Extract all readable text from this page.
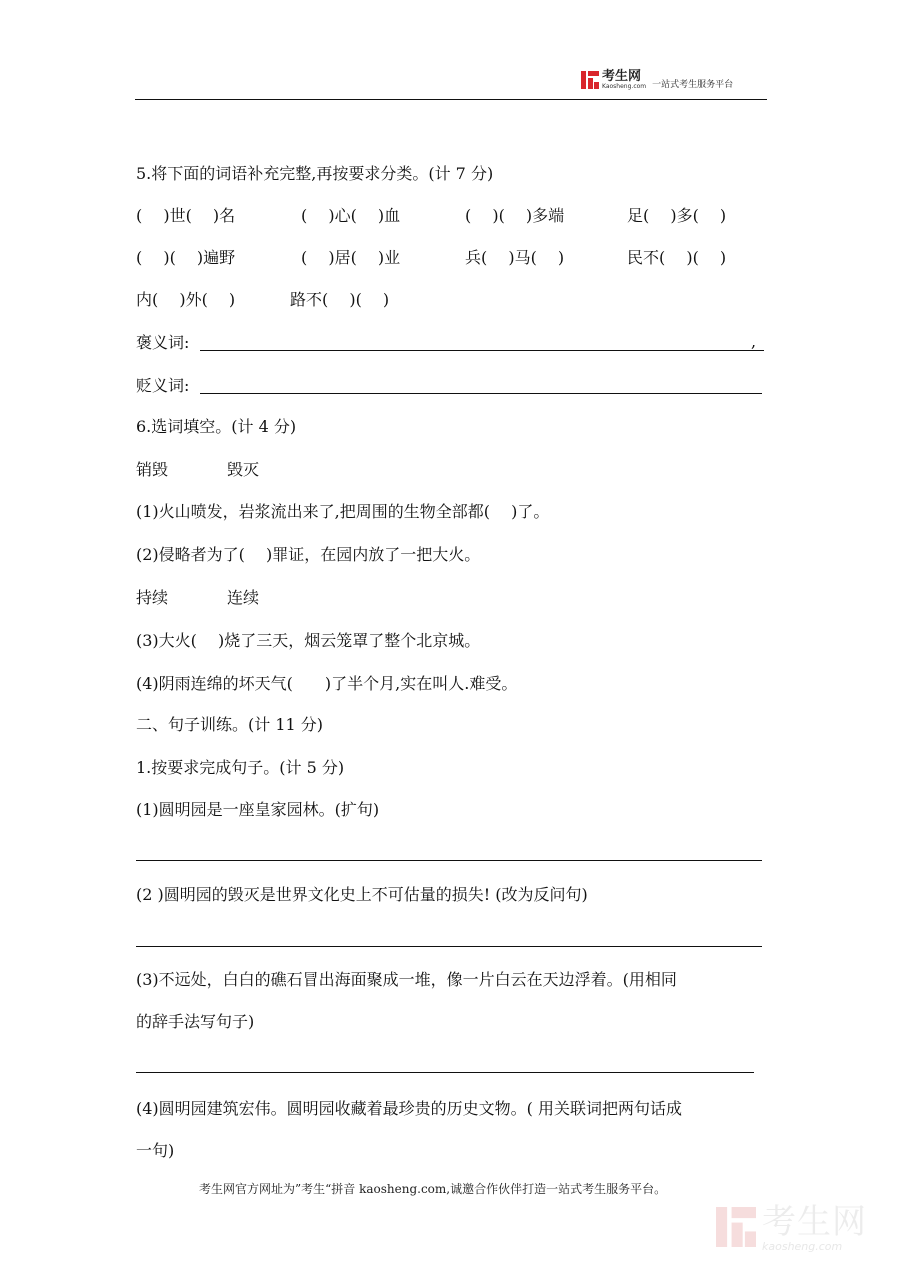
考生网
Kaosheng.com 一站式考生服务平台
5.将下面的词语补充完整,再按要求分类。(计 7 分)
(　 )世(　 )名	(　 )心(　 )血	(　 )(　 )多端	足(　 )多(　 )
(　 )(　 )遍野	(　 )居(　 )业	兵(　 )马(　 )	民不(　 )(　 )
内(　 )外(　 )	路不(　 )(　 )
褒义词:	,
贬义词:
6.选词填空。(计 4 分)
销毁	毁灭
(1)火山喷发，岩浆流出来了,把周围的生物全部都(　 )了。
(2)侵略者为了(　 )罪证，在园内放了一把大火。
持续	连续
(3)大火(　 )烧了三天，烟云笼罩了整个北京城。
(4)阴雨连绵的坏天气(　　)了半个月,实在叫人.难受。
二、句子训练。(计 11 分)
1.按要求完成句子。(计 5 分)
(1)圆明园是一座皇家园林。(扩句)
(2 )圆明园的毁灭是世界文化史上不可估量的损失! (改为反问句)
(3)不远处，白白的礁石冒出海面聚成一堆，像一片白云在天边浮着。(用相同
的辞手法写句子)
(4)圆明园建筑宏伟。圆明园收藏着最珍贵的历史文物。( 用关联词把两句话成
一句)
考生网官方网址为”考生“拼音 kaosheng.com,诚邀合作伙伴打造一站式考生服务平台。
考生网
kaosheng.com
